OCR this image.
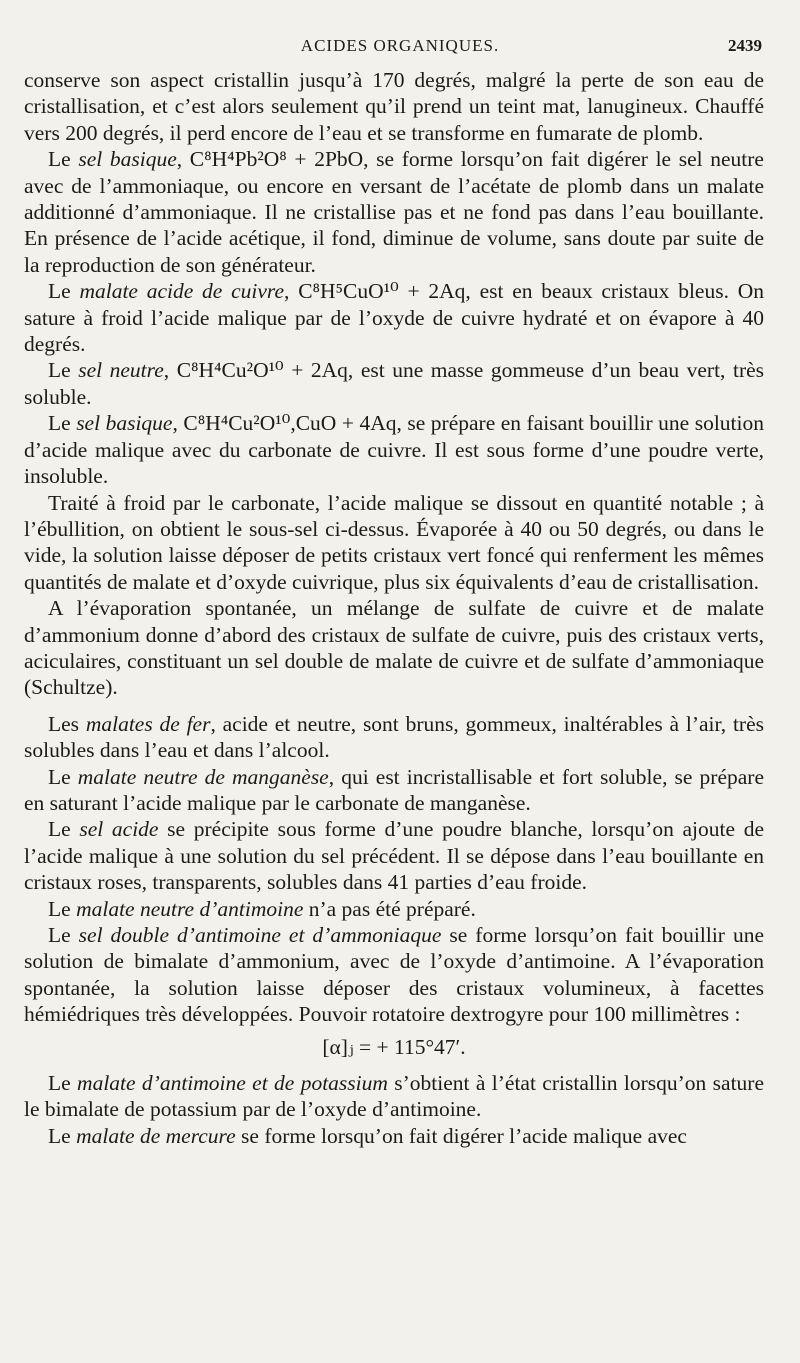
ACIDES ORGANIQUES.	2439

conserve son aspect cristallin jusqu’à 170 degrés, malgré la perte de son eau de cristallisation, et c’est alors seulement qu’il prend un teint mat, lanugineux. Chauffé vers 200 degrés, il perd encore de l’eau et se transforme en fumarate de plomb.

Le sel basique, C⁸H⁴Pb²O⁸ + 2PbO, se forme lorsqu’on fait digérer le sel neutre avec de l’ammoniaque, ou encore en versant de l’acétate de plomb dans un malate additionné d’ammoniaque. Il ne cristallise pas et ne fond pas dans l’eau bouillante. En présence de l’acide acétique, il fond, diminue de volume, sans doute par suite de la reproduction de son générateur.

Le malate acide de cuivre, C⁸H⁵CuO¹⁰ + 2Aq, est en beaux cristaux bleus. On sature à froid l’acide malique par de l’oxyde de cuivre hydraté et on évapore à 40 degrés.

Le sel neutre, C⁸H⁴Cu²O¹⁰ + 2Aq, est une masse gommeuse d’un beau vert, très soluble.

Le sel basique, C⁸H⁴Cu²O¹⁰,CuO + 4Aq, se prépare en faisant bouillir une solution d’acide malique avec du carbonate de cuivre. Il est sous forme d’une poudre verte, insoluble.

Traité à froid par le carbonate, l’acide malique se dissout en quantité notable ; à l’ébullition, on obtient le sous-sel ci-dessus. Évaporée à 40 ou 50 degrés, ou dans le vide, la solution laisse déposer de petits cristaux vert foncé qui renferment les mêmes quantités de malate et d’oxyde cuivrique, plus six équivalents d’eau de cristallisation.

A l’évaporation spontanée, un mélange de sulfate de cuivre et de malate d’ammonium donne d’abord des cristaux de sulfate de cuivre, puis des cristaux verts, aciculaires, constituant un sel double de malate de cuivre et de sulfate d’ammoniaque (Schultze).

Les malates de fer, acide et neutre, sont bruns, gommeux, inaltérables à l’air, très solubles dans l’eau et dans l’alcool.

Le malate neutre de manganèse, qui est incristallisable et fort soluble, se prépare en saturant l’acide malique par le carbonate de manganèse.

Le sel acide se précipite sous forme d’une poudre blanche, lorsqu’on ajoute de l’acide malique à une solution du sel précédent. Il se dépose dans l’eau bouillante en cristaux roses, transparents, solubles dans 41 parties d’eau froide.

Le malate neutre d’antimoine n’a pas été préparé.

Le sel double d’antimoine et d’ammoniaque se forme lorsqu’on fait bouillir une solution de bimalate d’ammonium, avec de l’oxyde d’antimoine. A l’évaporation spontanée, la solution laisse déposer des cristaux volumineux, à facettes hémiédriques très développées. Pouvoir rotatoire dextrogyre pour 100 millimètres :

[α]ⱼ = + 115°47′.

Le malate d’antimoine et de potassium s’obtient à l’état cristallin lorsqu’on sature le bimalate de potassium par de l’oxyde d’antimoine.

Le malate de mercure se forme lorsqu’on fait digérer l’acide malique avec
